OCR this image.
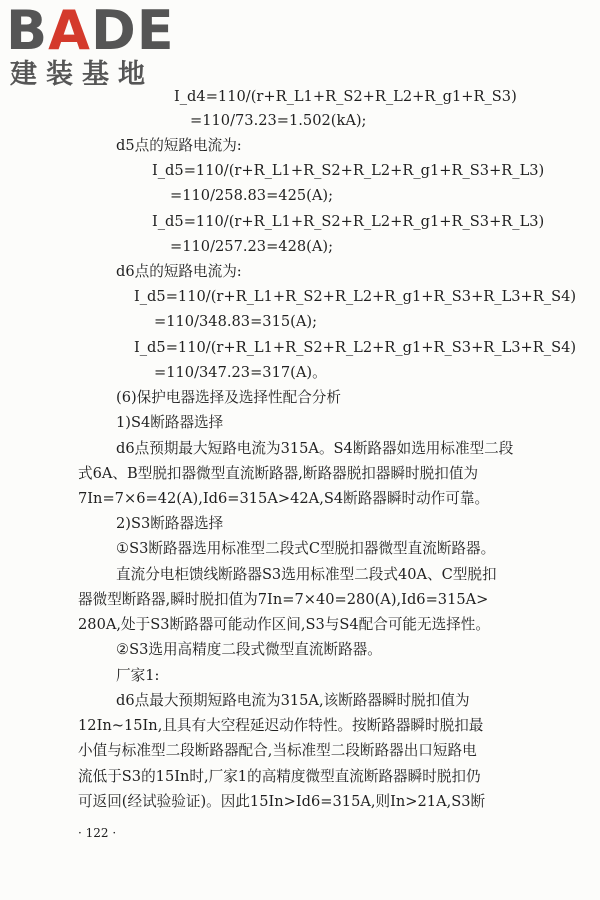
BADE
建装基地
I_d4=110/(r+R_L1+R_S2+R_L2+R_g1+R_S3)
=110/73.23=1.502(kA);
d5点的短路电流为:
I_d5=110/(r+R_L1+R_S2+R_L2+R_g1+R_S3+R_L3)
=110/258.83=425(A);
I_d5=110/(r+R_L1+R_S2+R_L2+R_g1+R_S3+R_L3)
=110/257.23=428(A);
d6点的短路电流为:
I_d5=110/(r+R_L1+R_S2+R_L2+R_g1+R_S3+R_L3+R_S4)
=110/348.83=315(A);
I_d5=110/(r+R_L1+R_S2+R_L2+R_g1+R_S3+R_L3+R_S4)
=110/347.23=317(A)。
(6)保护电器选择及选择性配合分析
1)S4断路器选择
d6点预期最大短路电流为315A。S4断路器如选用标准型二段
式6A、B型脱扣器微型直流断路器,断路器脱扣器瞬时脱扣值为
7In=7×6=42(A),Id6=315A>42A,S4断路器瞬时动作可靠。
2)S3断路器选择
①S3断路器选用标准型二段式C型脱扣器微型直流断路器。
直流分电柜馈线断路器S3选用标准型二段式40A、C型脱扣
器微型断路器,瞬时脱扣值为7In=7×40=280(A),Id6=315A>
280A,处于S3断路器可能动作区间,S3与S4配合可能无选择性。
②S3选用高精度二段式微型直流断路器。
厂家1:
d6点最大预期短路电流为315A,该断路器瞬时脱扣值为
12In~15In,且具有大空程延迟动作特性。按断路器瞬时脱扣最
小值与标准型二段断路器配合,当标准型二段断路器出口短路电
流低于S3的15In时,厂家1的高精度微型直流断路器瞬时脱扣仍
可返回(经试验验证)。因此15In>Id6=315A,则In>21A,S3断
· 122 ·
